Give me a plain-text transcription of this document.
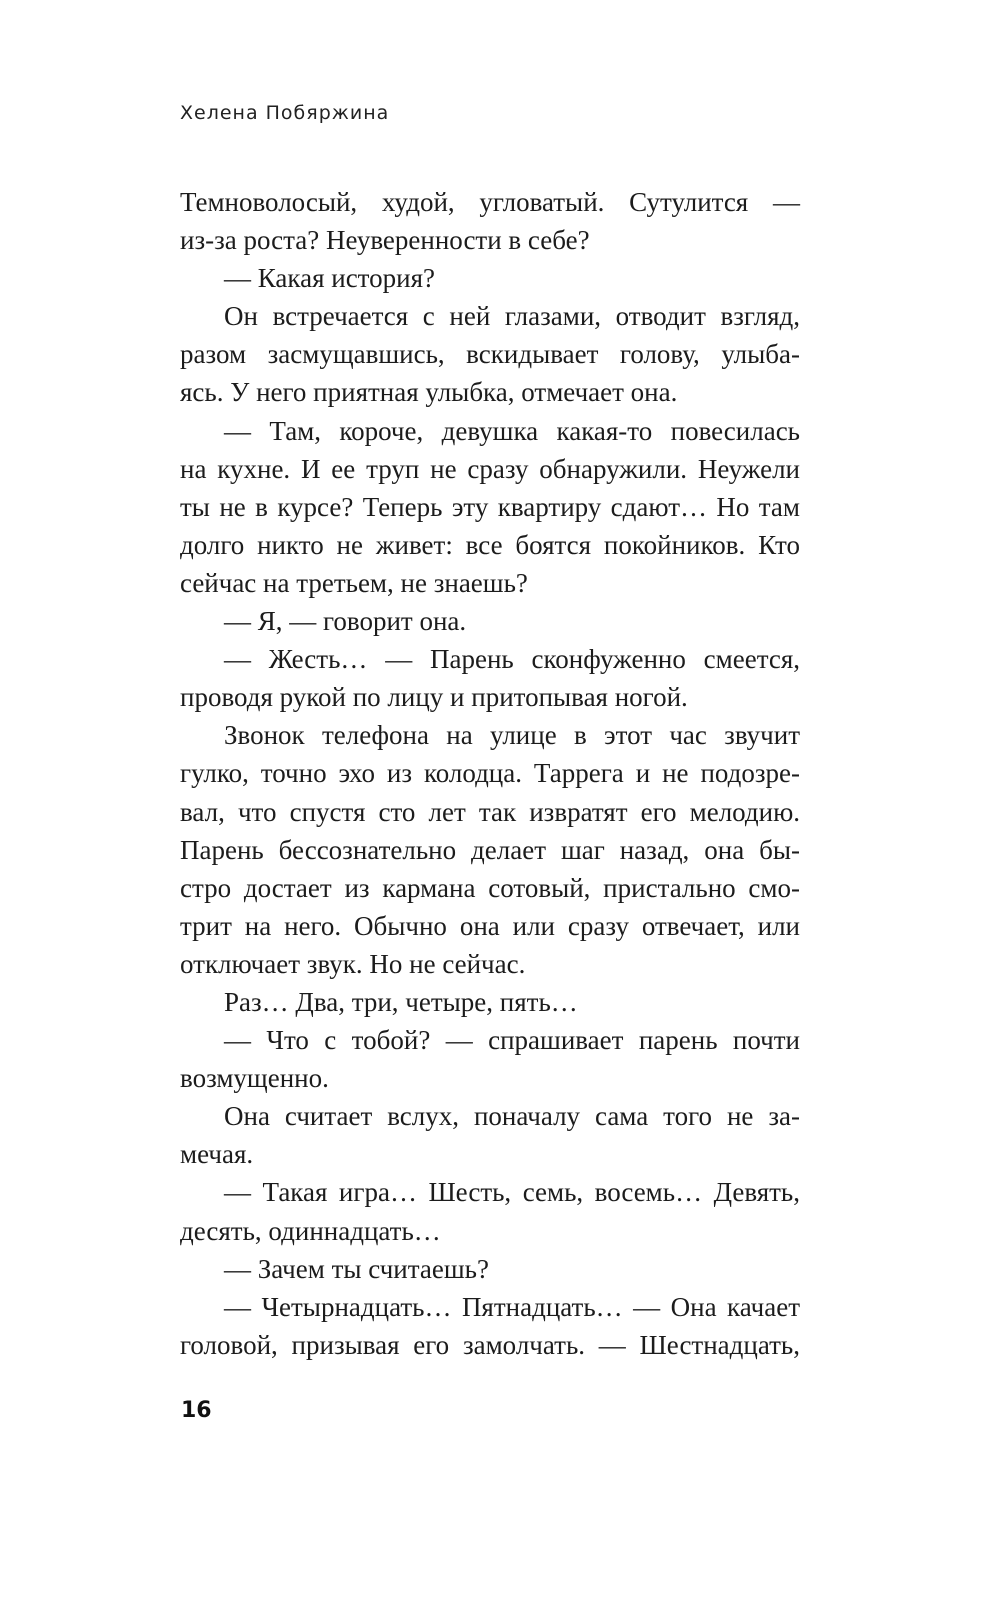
Хелена Побяржина
Темноволосый, худой, угловатый. Сутулится —
из-за роста? Неуверенности в себе?
— Какая история?
Он встречается с ней глазами, отводит взгляд,
разом засмущавшись, вскидывает голову, улыба-
ясь. У него приятная улыбка, отмечает она.
— Там, короче, девушка какая-то повесилась
на кухне. И ее труп не сразу обнаружили. Неужели
ты не в курсе? Теперь эту квартиру сдают… Но там
долго никто не живет: все боятся покойников. Кто
сейчас на третьем, не знаешь?
— Я, — говорит она.
— Жесть… — Парень сконфуженно смеется,
проводя рукой по лицу и притопывая ногой.
Звонок телефона на улице в этот час звучит
гулко, точно эхо из колодца. Таррега и не подозре-
вал, что спустя сто лет так извратят его мелодию.
Парень бессознательно делает шаг назад, она бы-
стро достает из кармана сотовый, пристально смо-
трит на него. Обычно она или сразу отвечает, или
отключает звук. Но не сейчас.
Раз… Два, три, четыре, пять…
— Что с тобой? — спрашивает парень почти
возмущенно.
Она считает вслух, поначалу сама того не за-
мечая.
— Такая игра… Шесть, семь, восемь… Девять,
десять, одиннадцать…
— Зачем ты считаешь?
— Четырнадцать… Пятнадцать… — Она качает
головой, призывая его замолчать. — Шестнадцать,
16
